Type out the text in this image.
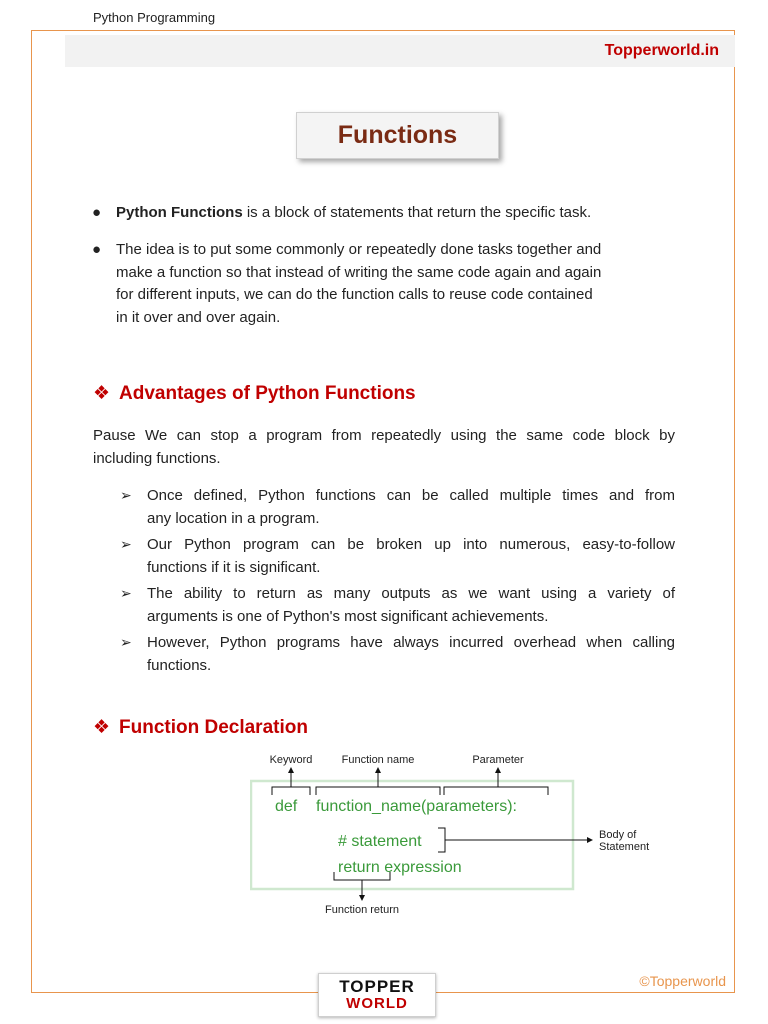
Python Programming
Topperworld.in
Functions
● Python Functions is a block of statements that return the specific task.
● The idea is to put some commonly or repeatedly done tasks together and
make a function so that instead of writing the same code again and again
for different inputs, we can do the function calls to reuse code contained
in it over and over again.
❖ Advantages of Python Functions
Pause We can stop a program from repeatedly using the same code block by
including functions.
➢ Once defined, Python functions can be called multiple times and from
any location in a program.
➢ Our Python program can be broken up into numerous, easy-to-follow
functions if it is significant.
➢ The ability to return as many outputs as we want using a variety of
arguments is one of Python's most significant achievements.
➢ However, Python programs have always incurred overhead when calling
functions.
❖ Function Declaration
Keyword	Function name	Parameter
def function_name(parameters):
# statement
return expression
Body of
Statement
Function return
TOPPER
WORLD
©Topperworld
